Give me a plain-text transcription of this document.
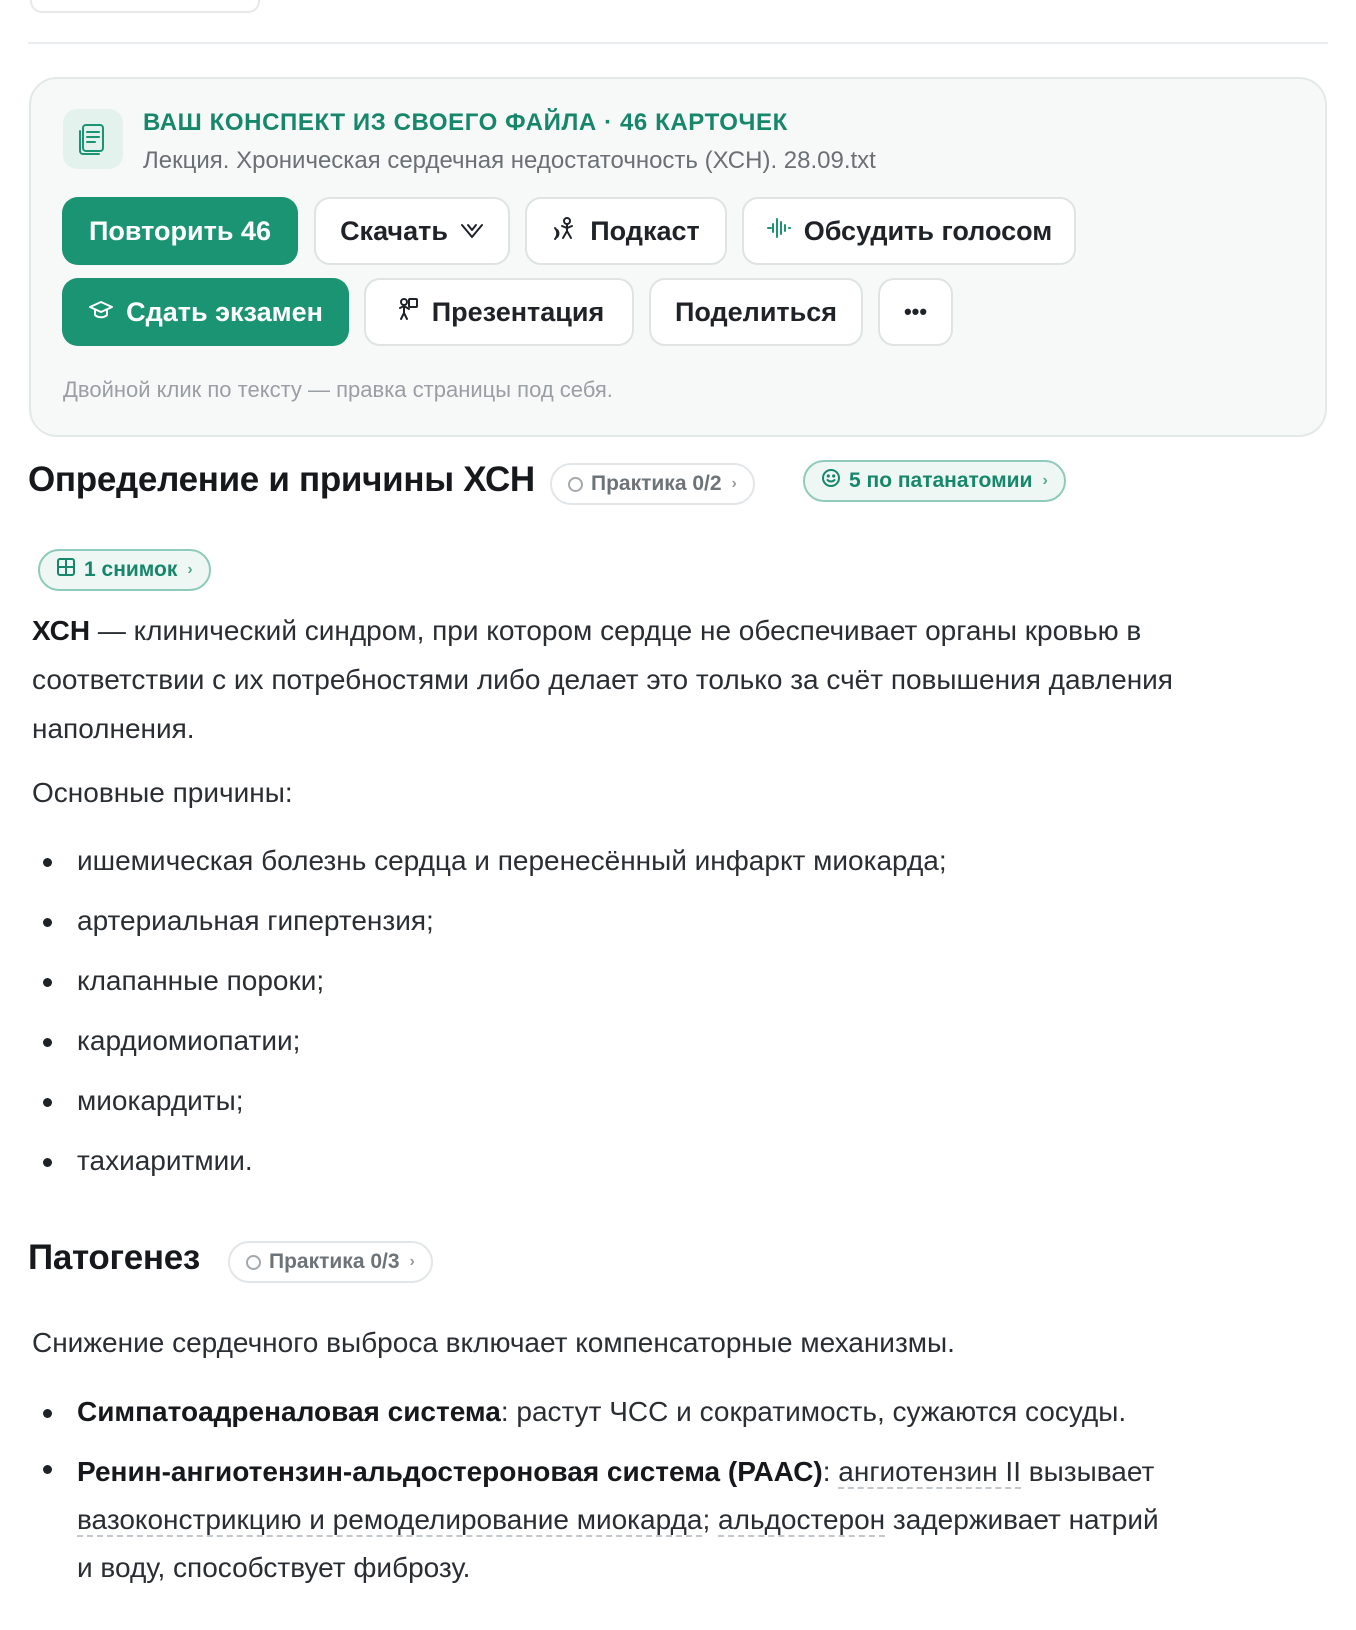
ВАШ КОНСПЕКТ ИЗ СВОЕГО ФАЙЛА · 46 КАРТОЧЕК
Лекция. Хроническая сердечная недостаточность (ХСН). 28.09.txt
Повторить 46	Скачать	Подкаст	Обсудить голосом
Сдать экзамен	Презентация	Поделиться	•••
Двойной клик по тексту — правка страницы под себя.
Определение и причины ХСН	Практика 0/2 ›	5 по патанатомии ›
1 снимок ›

ХСН — клинический синдром, при котором сердце не обеспечивает органы кровью в
соответствии с их потребностями либо делает это только за счёт повышения давления
наполнения.

Основные причины:

ишемическая болезнь сердца и перенесённый инфаркт миокарда;
артериальная гипертензия;
клапанные пороки;
кардиомиопатии;
миокардиты;
тахиаритмии.
Патогенез	Практика 0/3 ›

Снижение сердечного выброса включает компенсаторные механизмы.

Симпатоадреналовая система: растут ЧСС и сократимость, сужаются сосуды.
Ренин-ангиотензин-альдостероновая система (РААС): ангиотензин II вызывает
вазоконстрикцию и ремоделирование миокарда; альдостерон задерживает натрий
и воду, способствует фиброзу.
